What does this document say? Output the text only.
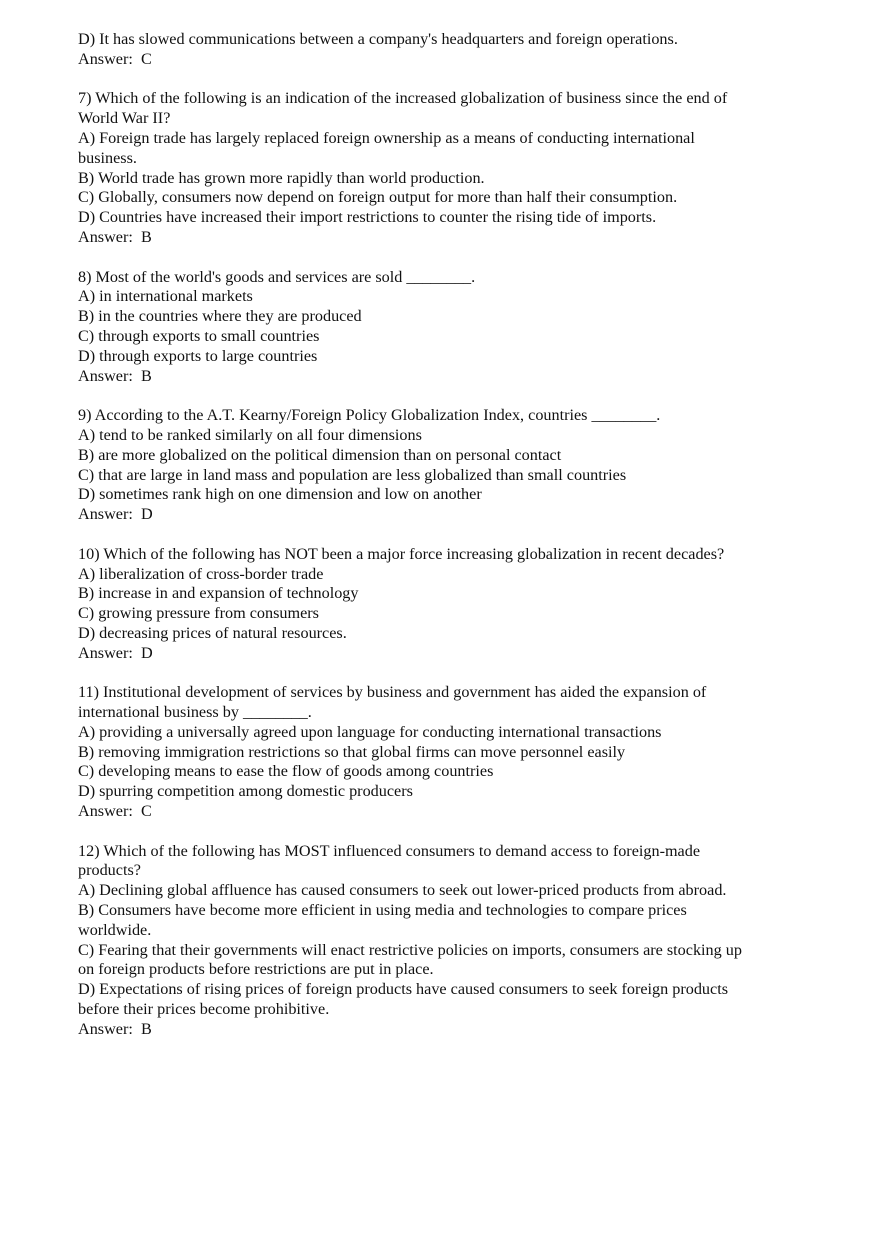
D) It has slowed communications between a company's headquarters and foreign operations.
Answer:  C
7) Which of the following is an indication of the increased globalization of business since the end of
World War II?
A) Foreign trade has largely replaced foreign ownership as a means of conducting international
business.
B) World trade has grown more rapidly than world production.
C) Globally, consumers now depend on foreign output for more than half their consumption.
D) Countries have increased their import restrictions to counter the rising tide of imports.
Answer:  B
8) Most of the world's goods and services are sold ________.
A) in international markets
B) in the countries where they are produced
C) through exports to small countries
D) through exports to large countries
Answer:  B
9) According to the A.T. Kearny/Foreign Policy Globalization Index, countries ________.
A) tend to be ranked similarly on all four dimensions
B) are more globalized on the political dimension than on personal contact
C) that are large in land mass and population are less globalized than small countries
D) sometimes rank high on one dimension and low on another
Answer:  D
10) Which of the following has NOT been a major force increasing globalization in recent decades?
A) liberalization of cross-border trade
B) increase in and expansion of technology
C) growing pressure from consumers
D) decreasing prices of natural resources.
Answer:  D
11) Institutional development of services by business and government has aided the expansion of
international business by ________.
A) providing a universally agreed upon language for conducting international transactions
B) removing immigration restrictions so that global firms can move personnel easily
C) developing means to ease the flow of goods among countries
D) spurring competition among domestic producers
Answer:  C
12) Which of the following has MOST influenced consumers to demand access to foreign-made
products?
A) Declining global affluence has caused consumers to seek out lower-priced products from abroad.
B) Consumers have become more efficient in using media and technologies to compare prices
worldwide.
C) Fearing that their governments will enact restrictive policies on imports, consumers are stocking up
on foreign products before restrictions are put in place.
D) Expectations of rising prices of foreign products have caused consumers to seek foreign products
before their prices become prohibitive.
Answer:  B
